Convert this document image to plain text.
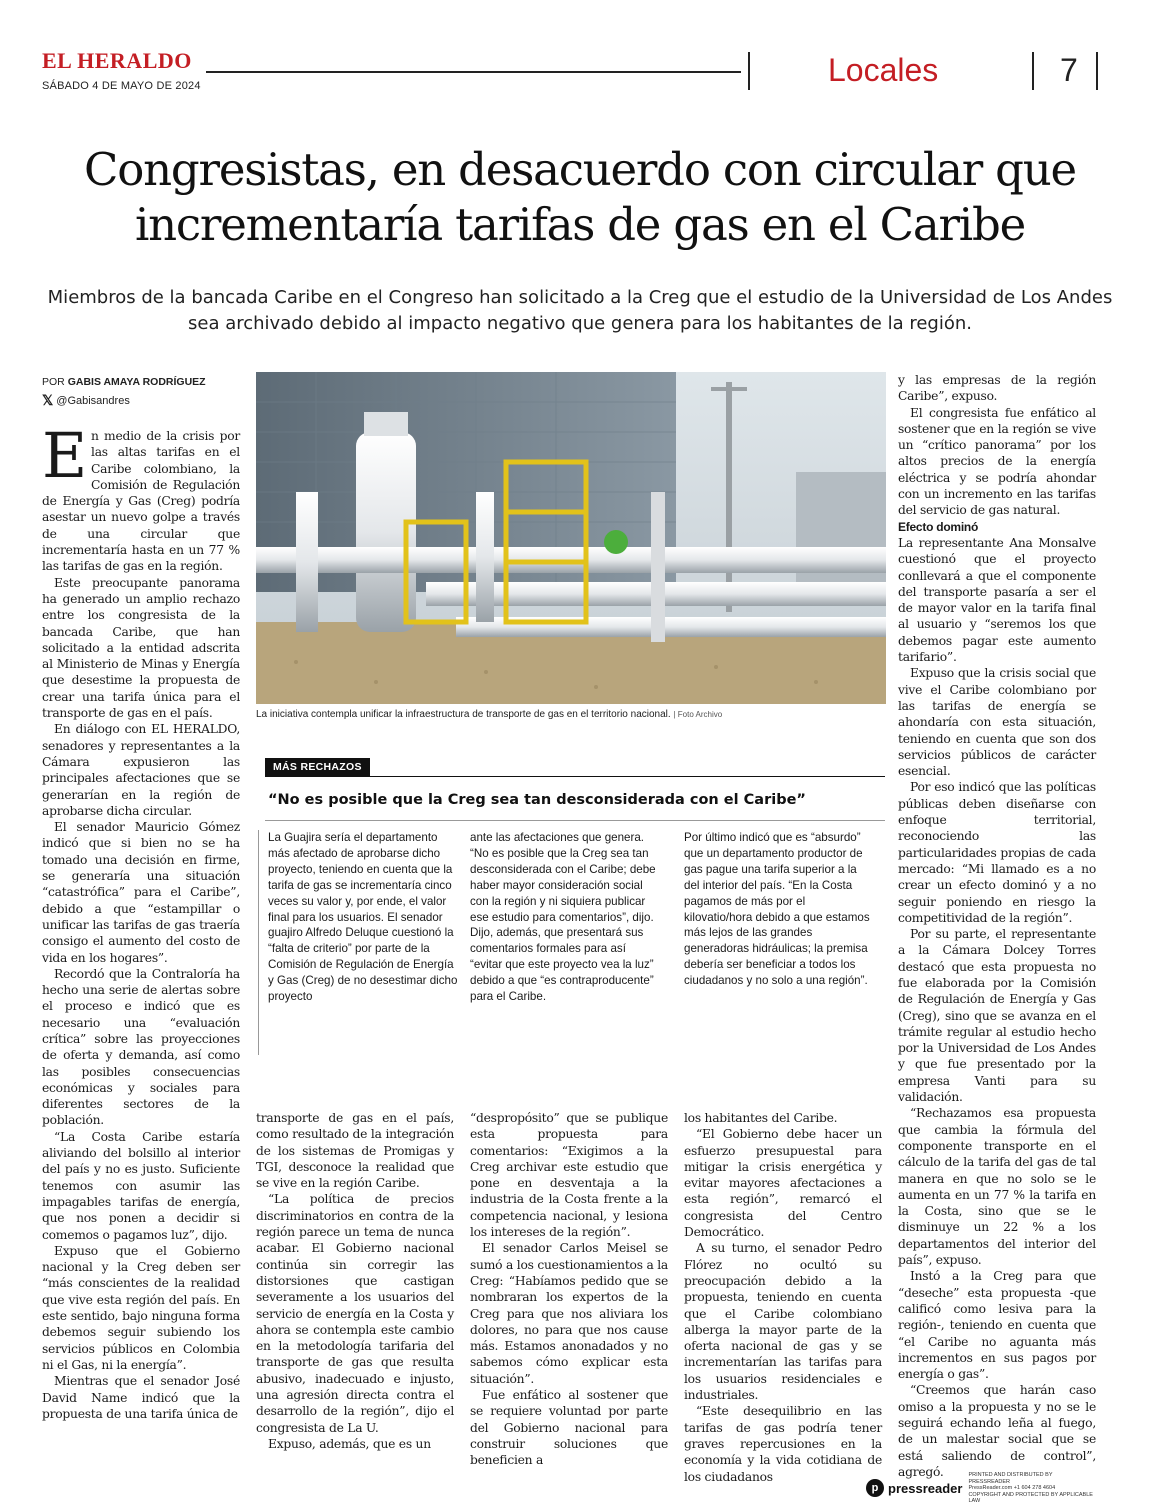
EL HERALDO
SÁBADO 4 DE MAYO DE 2024	Locales	7
Congresistas, en desacuerdo con circular que incrementaría tarifas de gas en el Caribe
Miembros de la bancada Caribe en el Congreso han solicitado a la Creg que el estudio de la Universidad de Los Andes sea archivado debido al impacto negativo que genera para los habitantes de la región.
POR GABIS AMAYA RODRÍGUEZ
𝕏 @Gabisandres
E n medio de la crisis por las altas tarifas en el Caribe colombiano, la Comisión de Regulación de Energía y Gas (Creg) podría asestar un nuevo golpe a través de una circular que incrementaría hasta en un 77 % las tarifas de gas en la región.

Este preocupante panorama ha generado un amplio rechazo entre los congresista de la bancada Caribe, que han solicitado a la entidad adscrita al Ministerio de Minas y Energía que desestime la propuesta de crear una tarifa única para el transporte de gas en el país.

En diálogo con EL HERALDO, senadores y representantes a la Cámara expusieron las principales afectaciones que se generarían en la región de aprobarse dicha circular.

El senador Mauricio Gómez indicó que si bien no se ha tomado una decisión en firme, se generaría una situación “catastrófica” para el Caribe”, debido a que “estampillar o unificar las tarifas de gas traería consigo el aumento del costo de vida en los hogares”.

Recordó que la Contraloría ha hecho una serie de alertas sobre el proceso e indicó que es necesario una “evaluación crítica” sobre las proyecciones de oferta y demanda, así como las posibles consecuencias económicas y sociales para diferentes sectores de la población.

“La Costa Caribe estaría aliviando del bolsillo al interior del país y no es justo. Suficiente tenemos con asumir las impagables tarifas de energía, que nos ponen a decidir si comemos o pagamos luz”, dijo.

Expuso que el Gobierno nacional y la Creg deben ser “más conscientes de la realidad que vive esta región del país. En este sentido, bajo ninguna forma debemos seguir subiendo los servicios públicos en Colombia ni el Gas, ni la energía”.

Mientras que el senador José David Name indicó que la propuesta de una tarifa única de

La iniciativa contempla unificar la infraestructura de transporte de gas en el territorio nacional. | Foto Archivo
MÁS RECHAZOS
“No es posible que la Creg sea tan desconsiderada con el Caribe”

La Guajira sería el departamento más afectado de aprobarse dicho proyecto, teniendo en cuenta que la tarifa de gas se incrementaría cinco veces su valor y, por ende, el valor final para los usuarios. El senador guajiro Alfredo Deluque cuestionó la “falta de criterio” por parte de la Comisión de Regulación de Energía y Gas (Creg) de no desestimar dicho proyecto

ante las afectaciones que genera. “No es posible que la Creg sea tan desconsiderada con el Caribe; debe haber mayor consideración social con la región y ni siquiera publicar ese estudio para comentarios”, dijo. Dijo, además, que presentará sus comentarios formales para así “evitar que este proyecto vea la luz” debido a que “es contraproducente” para el Caribe.

Por último indicó que es “absurdo” que un departamento productor de gas pague una tarifa superior a la del interior del país. “En la Costa pagamos de más por el kilovatio/hora debido a que estamos más lejos de las grandes generadoras hidráulicas; la premisa debería ser beneficiar a todos los ciudadanos y no solo a una región”.

transporte de gas en el país, como resultado de la integración de los sistemas de Promigas y TGI, desconoce la realidad que se vive en la región Caribe.

“La política de precios discriminatorios en contra de la región parece un tema de nunca acabar. El Gobierno nacional continúa sin corregir las distorsiones que castigan severamente a los usuarios del servicio de energía en la Costa y ahora se contempla este cambio en la metodología tarifaria del transporte de gas que resulta abusivo, inadecuado e injusto, una agresión directa contra el desarrollo de la región”, dijo el congresista de La U.

Expuso, además, que es un

“despropósito” que se publique esta propuesta para comentarios: “Exigimos a la Creg archivar este estudio que pone en desventaja a la industria de la Costa frente a la competencia nacional, y lesiona los intereses de la región”.

El senador Carlos Meisel se sumó a los cuestionamientos a la Creg: “Habíamos pedido que se nombraran los expertos de la Creg para que nos aliviara los dolores, no para que nos cause más. Estamos anonadados y no sabemos cómo explicar esta situación”.

Fue enfático al sostener que se requiere voluntad por parte del Gobierno nacional para construir soluciones que beneficien a

los habitantes del Caribe.

“El Gobierno debe hacer un esfuerzo presupuestal para mitigar la crisis energética y evitar mayores afectaciones a esta región”, remarcó el congresista del Centro Democrático.

A su turno, el senador Pedro Flórez no ocultó su preocupación debido a la propuesta, teniendo en cuenta que el Caribe colombiano alberga la mayor parte de la oferta nacional de gas y se incrementarían las tarifas para los usuarios residenciales e industriales.

“Este desequilibrio en las tarifas de gas podría tener graves repercusiones en la economía y la vida cotidiana de los ciudadanos

y las empresas de la región Caribe”, expuso.

El congresista fue enfático al sostener que en la región se vive un “crítico panorama” por los altos precios de la energía eléctrica y se podría ahondar con un incremento en las tarifas del servicio de gas natural.

Efecto dominó

La representante Ana Monsalve cuestionó que el proyecto conllevará a que el componente del transporte pasaría a ser el de mayor valor en la tarifa final al usuario y “seremos los que debemos pagar este aumento tarifario”.

Expuso que la crisis social que vive el Caribe colombiano por las tarifas de energía se ahondaría con esta situación, teniendo en cuenta que son dos servicios públicos de carácter esencial.

Por eso indicó que las políticas públicas deben diseñarse con enfoque territorial, reconociendo las particularidades propias de cada mercado: “Mi llamado es a no crear un efecto dominó y a no seguir poniendo en riesgo la competitividad de la región”.

Por su parte, el representante a la Cámara Dolcey Torres destacó que esta propuesta no fue elaborada por la Comisión de Regulación de Energía y Gas (Creg), sino que se avanza en el trámite regular al estudio hecho por la Universidad de Los Andes y que fue presentado por la empresa Vanti para su validación.

“Rechazamos esa propuesta que cambia la fórmula del componente transporte en el cálculo de la tarifa del gas de tal manera en que no solo se le aumenta en un 77 % la tarifa en la Costa, sino que se le disminuye un 22 % a los departamentos del interior del país”, expuso.

Instó a la Creg para que “deseche” esta propuesta -que calificó como lesiva para la región-, teniendo en cuenta que “el Caribe no aguanta más incrementos en sus pagos por energía o gas”.

“Creemos que harán caso omiso a la propuesta y no se le seguirá echando leña al fuego, de un malestar social que se está saliendo de control”, agregó.

p pressreader
PRINTED AND DISTRIBUTED BY PRESSREADER
PressReader.com +1 604 278 4604
COPYRIGHT AND PROTECTED BY APPLICABLE LAW
